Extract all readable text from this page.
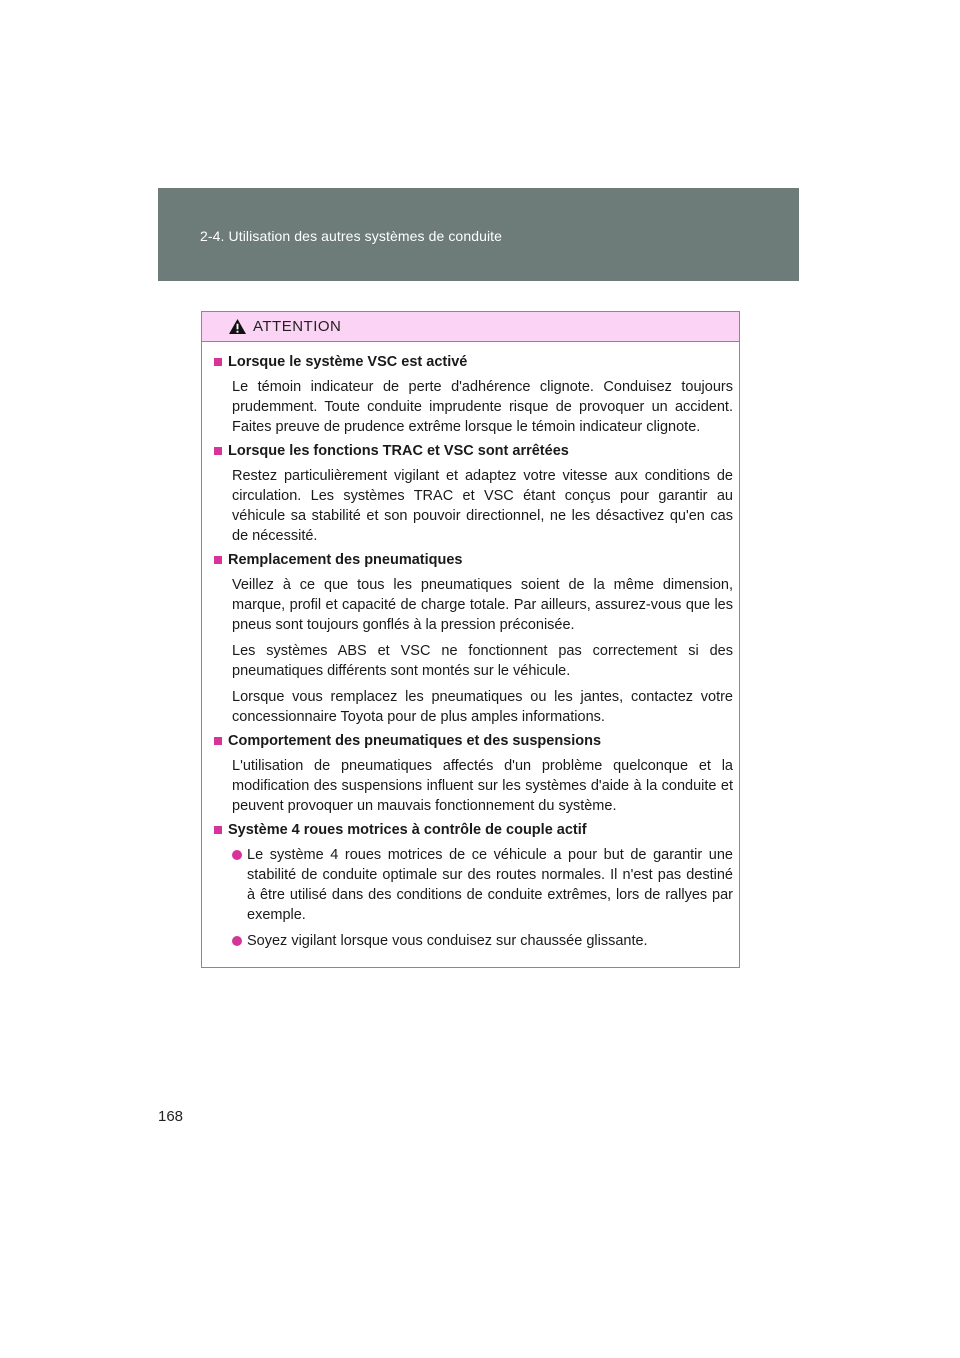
2-4. Utilisation des autres systèmes de conduite
ATTENTION
Lorsque le système VSC est activé

Le témoin indicateur de perte d'adhérence clignote. Conduisez toujours prudemment. Toute conduite imprudente risque de provoquer un accident. Faites preuve de prudence extrême lorsque le témoin indicateur clignote.

Lorsque les fonctions TRAC et VSC sont arrêtées

Restez particulièrement vigilant et adaptez votre vitesse aux conditions de circulation. Les systèmes TRAC et VSC étant conçus pour garantir au véhicule sa stabilité et son pouvoir directionnel, ne les désactivez qu'en cas de nécessité.

Remplacement des pneumatiques

Veillez à ce que tous les pneumatiques soient de la même dimension, marque, profil et capacité de charge totale. Par ailleurs, assurez-vous que les pneus sont toujours gonflés à la pression préconisée.

Les systèmes ABS et VSC ne fonctionnent pas correctement si des pneumatiques différents sont montés sur le véhicule.

Lorsque vous remplacez les pneumatiques ou les jantes, contactez votre concessionnaire Toyota pour de plus amples informations.

Comportement des pneumatiques et des suspensions

L'utilisation de pneumatiques affectés d'un problème quelconque et la modification des suspensions influent sur les systèmes d'aide à la conduite et peuvent provoquer un mauvais fonctionnement du système.

Système 4 roues motrices à contrôle de couple actif

Le système 4 roues motrices de ce véhicule a pour but de garantir une stabilité de conduite optimale sur des routes normales. Il n'est pas destiné à être utilisé dans des conditions de conduite extrêmes, lors de rallyes par exemple.

Soyez vigilant lorsque vous conduisez sur chaussée glissante.

168
